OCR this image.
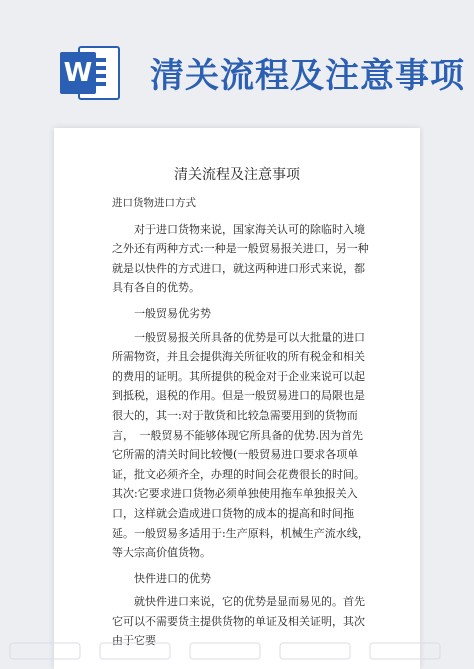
W 清关流程及注意事项
清关流程及注意事项

进口货物进口方式

对于进口货物来说，国家海关认可的除临时入境之外还有两种方式:一种是一般贸易报关进口，另一种就是以快件的方式进口，就这两种进口形式来说，都具有各自的优势。

一般贸易优劣势

一般贸易报关所具备的优势是可以大批量的进口所需物资，并且会提供海关所征收的所有税金和相关的费用的证明。其所提供的税金对于企业来说可以起到抵税，退税的作用。但是一般贸易进口的局限也是很大的，其一:对于散货和比较急需要用到的货物而言，　一般贸易不能够体现它所具备的优势.因为首先它所需的清关时间比较慢(一般贸易进口要求各项单证，批文必须齐全，办理的时间会花费很长的时间。其次:它要求进口货物必须单独使用拖车单独报关入口，这样就会造成进口货物的成本的提高和时间拖延。一般贸易多适用于:生产原料，机械生产流水线，等大宗高价值货物。

快件进口的优势

就快件进口来说，它的优势是显而易见的。首先它可以不需要货主提供货物的单证及相关证明，其次由于它要
